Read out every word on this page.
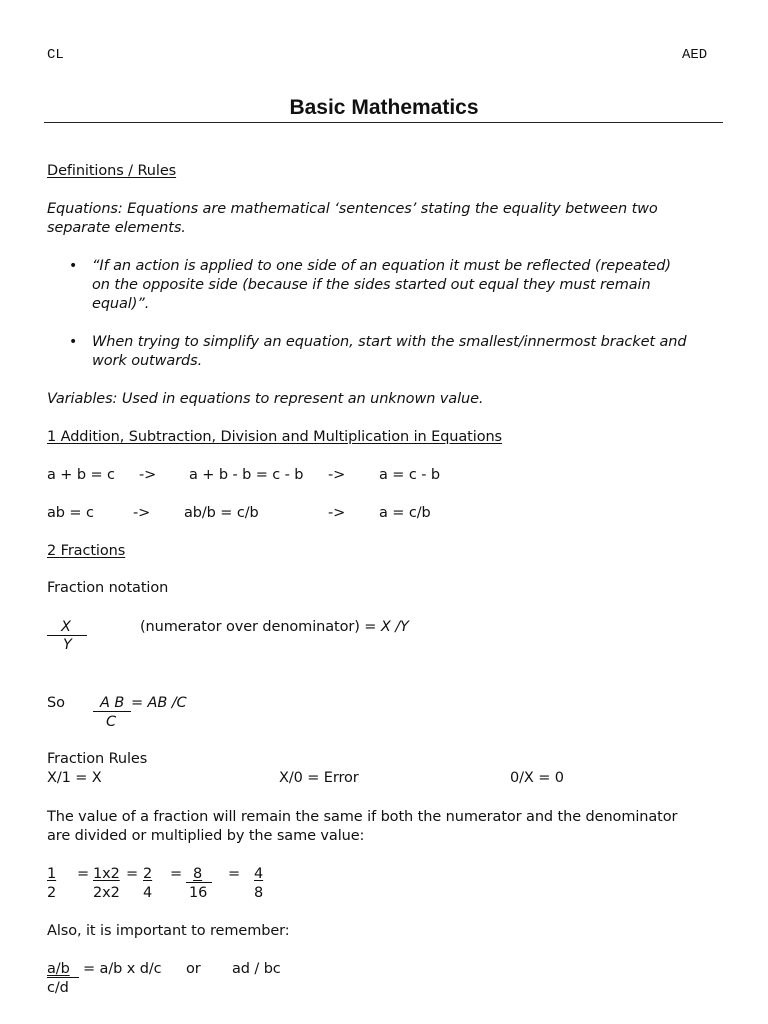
CL	AED
Basic Mathematics
Definitions / Rules
Equations: Equations are mathematical ‘sentences’ stating the equality between two
separate elements.
• “If an action is applied to one side of an equation it must be reflected (repeated)
on the opposite side (because if the sides started out equal they must remain
equal)”.
• When trying to simplify an equation, start with the smallest/innermost bracket and
work outwards.
Variables: Used in equations to represent an unknown value.
1 Addition, Subtraction, Division and Multiplication in Equations
a + b = c -> a + b - b = c - b -> a = c - b
ab = c	-> ab/b = c/b	-> a = c/b
2 Fractions
Fraction notation
X
Y
(numerator over denominator) = X /Y
So A B = AB /C
C
Fraction Rules
X/1 = X	X/0 = Error	0/X = 0
The value of a fraction will remain the same if both the numerator and the denominator
are divided or multiplied by the same value:
1
2
= 1x2
2x2
= 2
4
= 8
16
= 4
8
Also, it is important to remember:
a/b = a/b x d/c or ad / bc
c/d
